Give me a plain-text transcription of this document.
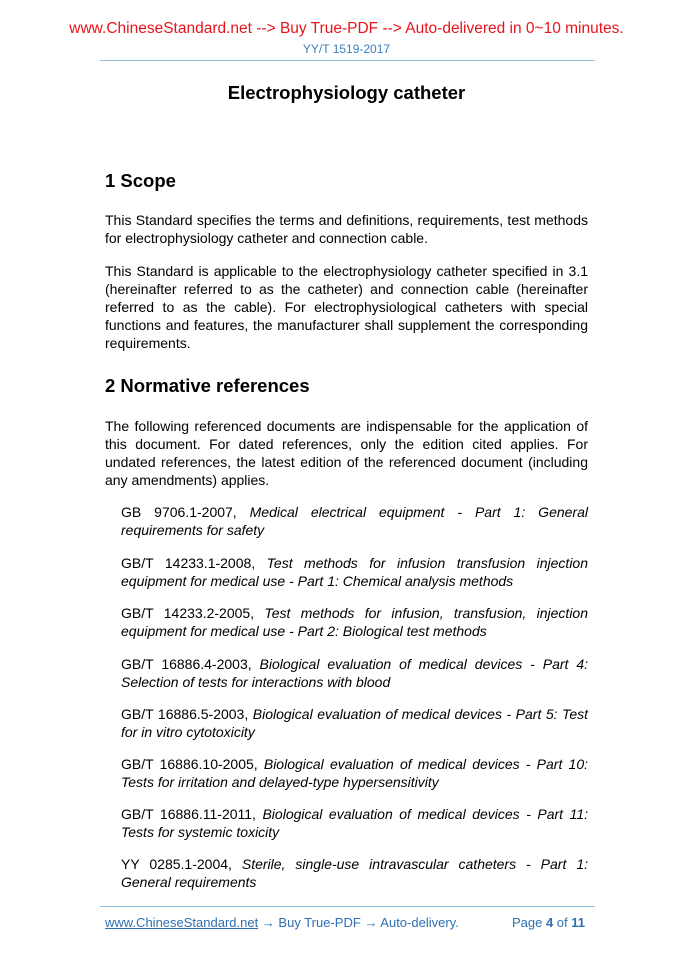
www.ChineseStandard.net --> Buy True-PDF --> Auto-delivered in 0~10 minutes.
YY/T 1519-2017
Electrophysiology catheter
1 Scope
This Standard specifies the terms and definitions, requirements, test methods for electrophysiology catheter and connection cable.
This Standard is applicable to the electrophysiology catheter specified in 3.1 (hereinafter referred to as the catheter) and connection cable (hereinafter referred to as the cable). For electrophysiological catheters with special functions and features, the manufacturer shall supplement the corresponding requirements.
2 Normative references
The following referenced documents are indispensable for the application of this document. For dated references, only the edition cited applies. For undated references, the latest edition of the referenced document (including any amendments) applies.
GB 9706.1-2007, Medical electrical equipment - Part 1: General requirements for safety
GB/T 14233.1-2008, Test methods for infusion transfusion injection equipment for medical use - Part 1: Chemical analysis methods
GB/T 14233.2-2005, Test methods for infusion, transfusion, injection equipment for medical use - Part 2: Biological test methods
GB/T 16886.4-2003, Biological evaluation of medical devices - Part 4: Selection of tests for interactions with blood
GB/T 16886.5-2003, Biological evaluation of medical devices - Part 5: Test for in vitro cytotoxicity
GB/T 16886.10-2005, Biological evaluation of medical devices - Part 10: Tests for irritation and delayed-type hypersensitivity
GB/T 16886.11-2011, Biological evaluation of medical devices - Part 11: Tests for systemic toxicity
YY 0285.1-2004, Sterile, single-use intravascular catheters - Part 1: General requirements
www.ChineseStandard.net → Buy True-PDF → Auto-delivery.	Page 4 of 11
